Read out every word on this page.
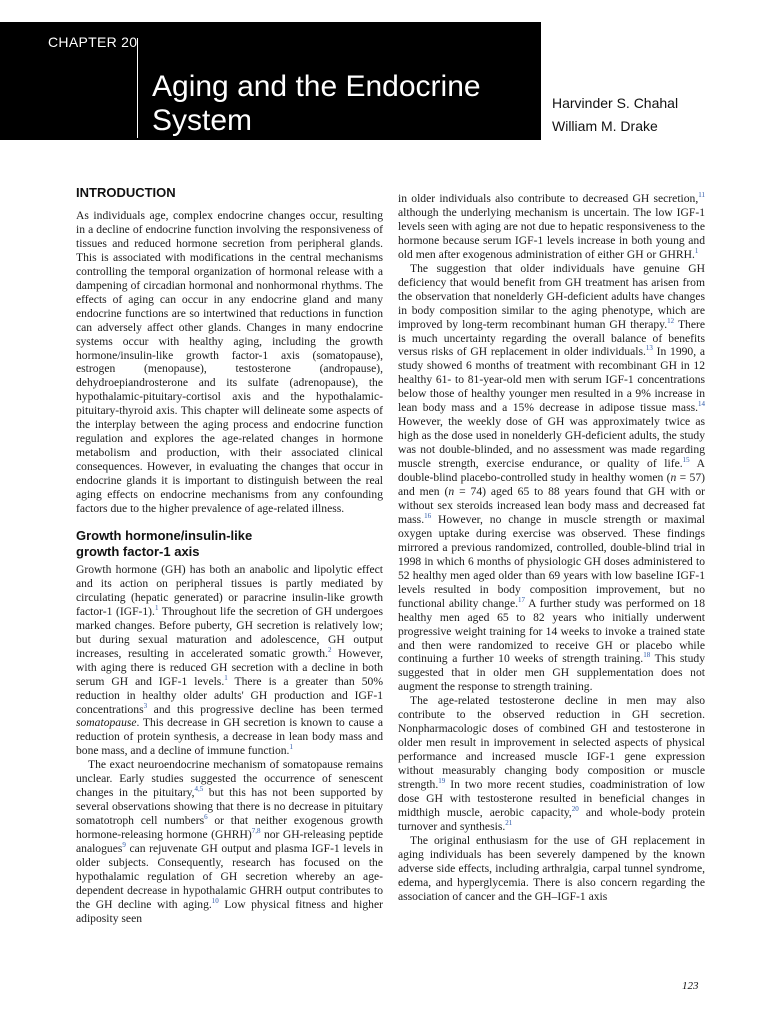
CHAPTER 20
Aging and the Endocrine
System
Harvinder S. Chahal
William M. Drake
INTRODUCTION

As individuals age, complex endocrine changes occur, resulting in a decline of endocrine function involving the responsiveness of tissues and reduced hormone secretion from peripheral glands. This is associated with modifications in the central mechanisms controlling the temporal organization of hormonal release with a dampening of circadian hormonal and nonhormonal rhythms. The effects of aging can occur in any endocrine gland and many endocrine functions are so intertwined that reductions in function can adversely affect other glands. Changes in many endocrine systems occur with healthy aging, including the growth hormone/insulin-like growth factor-1 axis (somatopause), estrogen (menopause), testosterone (andropause), dehydroepiandrosterone and its sulfate (adrenopause), the hypothalamic-pituitary-cortisol axis and the hypothalamic-pituitary-thyroid axis. This chapter will delineate some aspects of the interplay between the aging process and endocrine function regulation and explores the age-related changes in hormone metabolism and production, with their associated clinical consequences. However, in evaluating the changes that occur in endocrine glands it is important to distinguish between the real aging effects on endocrine mechanisms from any confounding factors due to the higher prevalence of age-related illness.

Growth hormone/insulin-like
growth factor-1 axis

Growth hormone (GH) has both an anabolic and lipolytic effect and its action on peripheral tissues is partly mediated by circulating (hepatic generated) or paracrine insulin-like growth factor-1 (IGF-1).$^1$ Throughout life the secretion of GH undergoes marked changes. Before puberty, GH secretion is relatively low; but during sexual maturation and adolescence, GH output increases, resulting in accelerated somatic growth.$^2$ However, with aging there is reduced GH secretion with a decline in both serum GH and IGF-1 levels.$^1$ There is a greater than 50% reduction in healthy older adults' GH production and IGF-1 concentrations$^3$ and this progressive decline has been termed somatopause. This decrease in GH secretion is known to cause a reduction of protein synthesis, a decrease in lean body mass and bone mass, and a decline of immune function.$^1$

The exact neuroendocrine mechanism of somatopause remains unclear. Early studies suggested the occurrence of senescent changes in the pituitary,$^{4,5}$ but this has not been supported by several observations showing that there is no decrease in pituitary somatotroph cell numbers$^6$ or that neither exogenous growth hormone-releasing hormone (GHRH)$^{7,8}$ nor GH-releasing peptide analogues$^9$ can rejuvenate GH output and plasma IGF-1 levels in older subjects. Consequently, research has focused on the hypothalamic regulation of GH secretion whereby an age-dependent decrease in hypothalamic GHRH output contributes to the GH decline with aging.$^{10}$ Low physical fitness and higher adiposity seen

in older individuals also contribute to decreased GH secretion,$^{11}$ although the underlying mechanism is uncertain. The low IGF-1 levels seen with aging are not due to hepatic responsiveness to the hormone because serum IGF-1 levels increase in both young and old men after exogenous administration of either GH or GHRH.$^1$

The suggestion that older individuals have genuine GH deficiency that would benefit from GH treatment has arisen from the observation that nonelderly GH-deficient adults have changes in body composition similar to the aging phenotype, which are improved by long-term recombinant human GH therapy.$^{12}$ There is much uncertainty regarding the overall balance of benefits versus risks of GH replacement in older individuals.$^{13}$ In 1990, a study showed 6 months of treatment with recombinant GH in 12 healthy 61- to 81-year-old men with serum IGF-1 concentrations below those of healthy younger men resulted in a 9% increase in lean body mass and a 15% decrease in adipose tissue mass.$^{14}$ However, the weekly dose of GH was approximately twice as high as the dose used in nonelderly GH-deficient adults, the study was not double-blinded, and no assessment was made regarding muscle strength, exercise endurance, or quality of life.$^{15}$ A double-blind placebo-controlled study in healthy women (n = 57) and men (n = 74) aged 65 to 88 years found that GH with or without sex steroids increased lean body mass and decreased fat mass.$^{16}$ However, no change in muscle strength or maximal oxygen uptake during exercise was observed. These findings mirrored a previous randomized, controlled, double-blind trial in 1998 in which 6 months of physiologic GH doses administered to 52 healthy men aged older than 69 years with low baseline IGF-1 levels resulted in body composition improvement, but no functional ability change.$^{17}$ A further study was performed on 18 healthy men aged 65 to 82 years who initially underwent progressive weight training for 14 weeks to invoke a trained state and then were randomized to receive GH or placebo while continuing a further 10 weeks of strength training.$^{18}$ This study suggested that in older men GH supplementation does not augment the response to strength training.

The age-related testosterone decline in men may also contribute to the observed reduction in GH secretion. Nonpharmacologic doses of combined GH and testosterone in older men result in improvement in selected aspects of physical performance and increased muscle IGF-1 gene expression without measurably changing body composition or muscle strength.$^{19}$ In two more recent studies, coadministration of low dose GH with testosterone resulted in beneficial changes in midthigh muscle, aerobic capacity,$^{20}$ and whole-body protein turnover and synthesis.$^{21}$

The original enthusiasm for the use of GH replacement in aging individuals has been severely dampened by the known adverse side effects, including arthralgia, carpal tunnel syndrome, edema, and hyperglycemia. There is also concern regarding the association of cancer and the GH–IGF-1 axis

123
